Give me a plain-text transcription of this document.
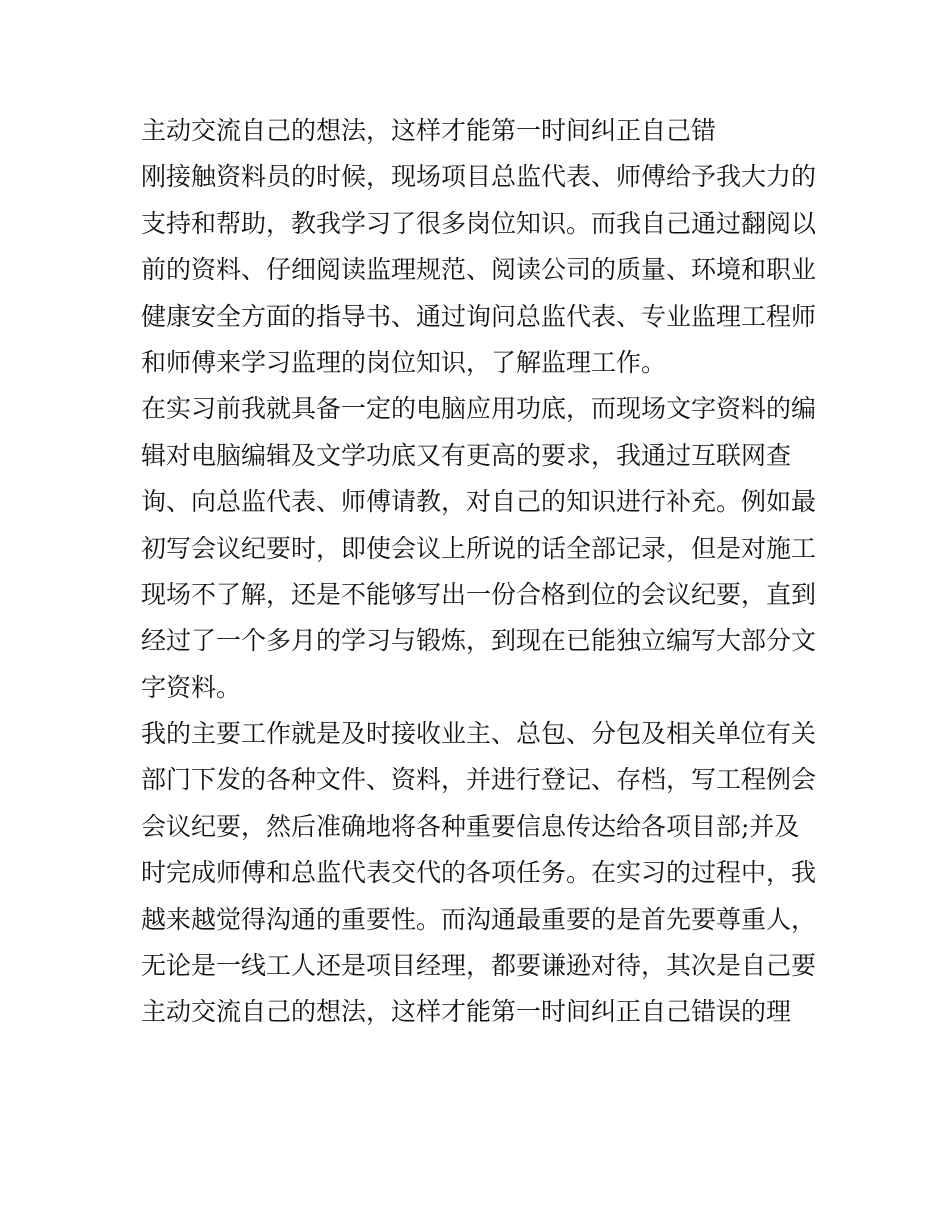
主动交流自己的想法，这样才能第一时间纠正自己错
刚接触资料员的时候，现场项目总监代表、师傅给予我大力的
支持和帮助，教我学习了很多岗位知识。而我自己通过翻阅以
前的资料、仔细阅读监理规范、阅读公司的质量、环境和职业
健康安全方面的指导书、通过询问总监代表、专业监理工程师
和师傅来学习监理的岗位知识，了解监理工作。
在实习前我就具备一定的电脑应用功底，而现场文字资料的编
辑对电脑编辑及文学功底又有更高的要求，我通过互联网查
询、向总监代表、师傅请教，对自己的知识进行补充。例如最
初写会议纪要时，即使会议上所说的话全部记录，但是对施工
现场不了解，还是不能够写出一份合格到位的会议纪要，直到
经过了一个多月的学习与锻炼，到现在已能独立编写大部分文
字资料。
我的主要工作就是及时接收业主、总包、分包及相关单位有关
部门下发的各种文件、资料，并进行登记、存档，写工程例会
会议纪要，然后准确地将各种重要信息传达给各项目部;并及
时完成师傅和总监代表交代的各项任务。在实习的过程中，我
越来越觉得沟通的重要性。而沟通最重要的是首先要尊重人，
无论是一线工人还是项目经理，都要谦逊对待，其次是自己要
主动交流自己的想法，这样才能第一时间纠正自己错误的理
